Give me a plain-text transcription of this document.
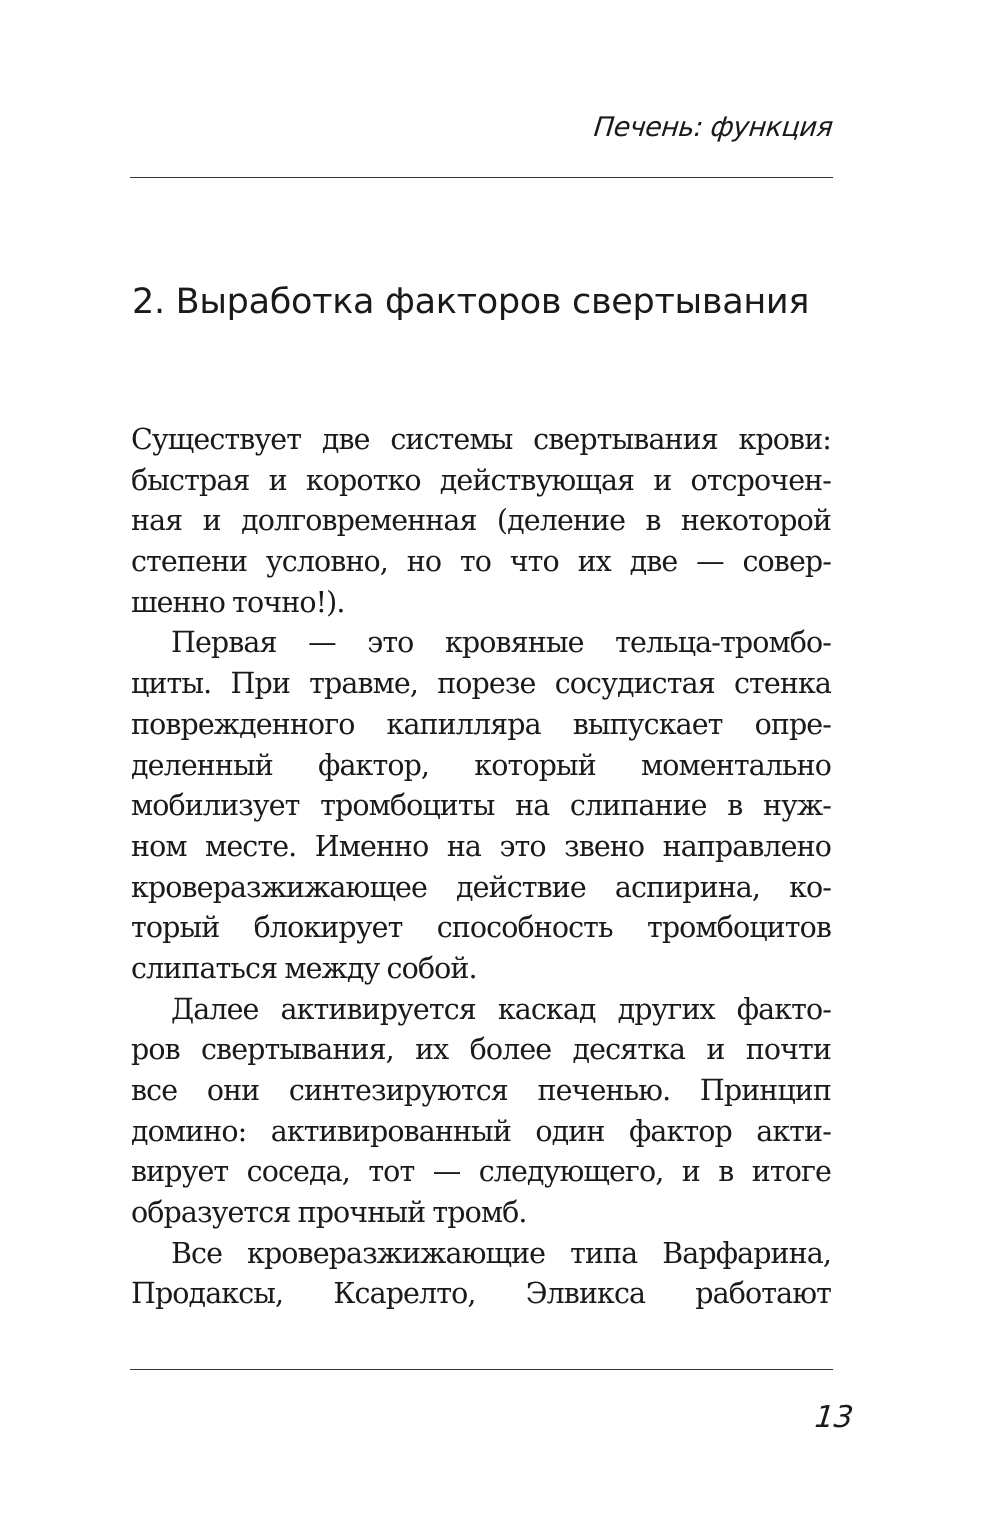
Печень: функция
2. Выработка факторов свертывания
Существует две системы свертывания крови:
быстрая и коротко действующая и отсрочен-
ная и долговременная (деление в некоторой
степени условно, но то что их две — совер-
шенно точно!).
Первая — это кровяные тельца-тромбо-
циты. При травме, порезе сосудистая стенка
поврежденного капилляра выпускает опре-
деленный фактор, который моментально
мобилизует тромбоциты на слипание в нуж-
ном месте. Именно на это звено направлено
кроверазжижающее действие аспирина, ко-
торый блокирует способность тромбоцитов
слипаться между собой.
Далее активируется каскад других факто-
ров свертывания, их более десятка и почти
все они синтезируются печенью. Принцип
домино: активированный один фактор акти-
вирует соседа, тот — следующего, и в итоге
образуется прочный тромб.
Все кроверазжижающие типа Варфарина,
Продаксы, Ксарелто, Элвикса работают
13
